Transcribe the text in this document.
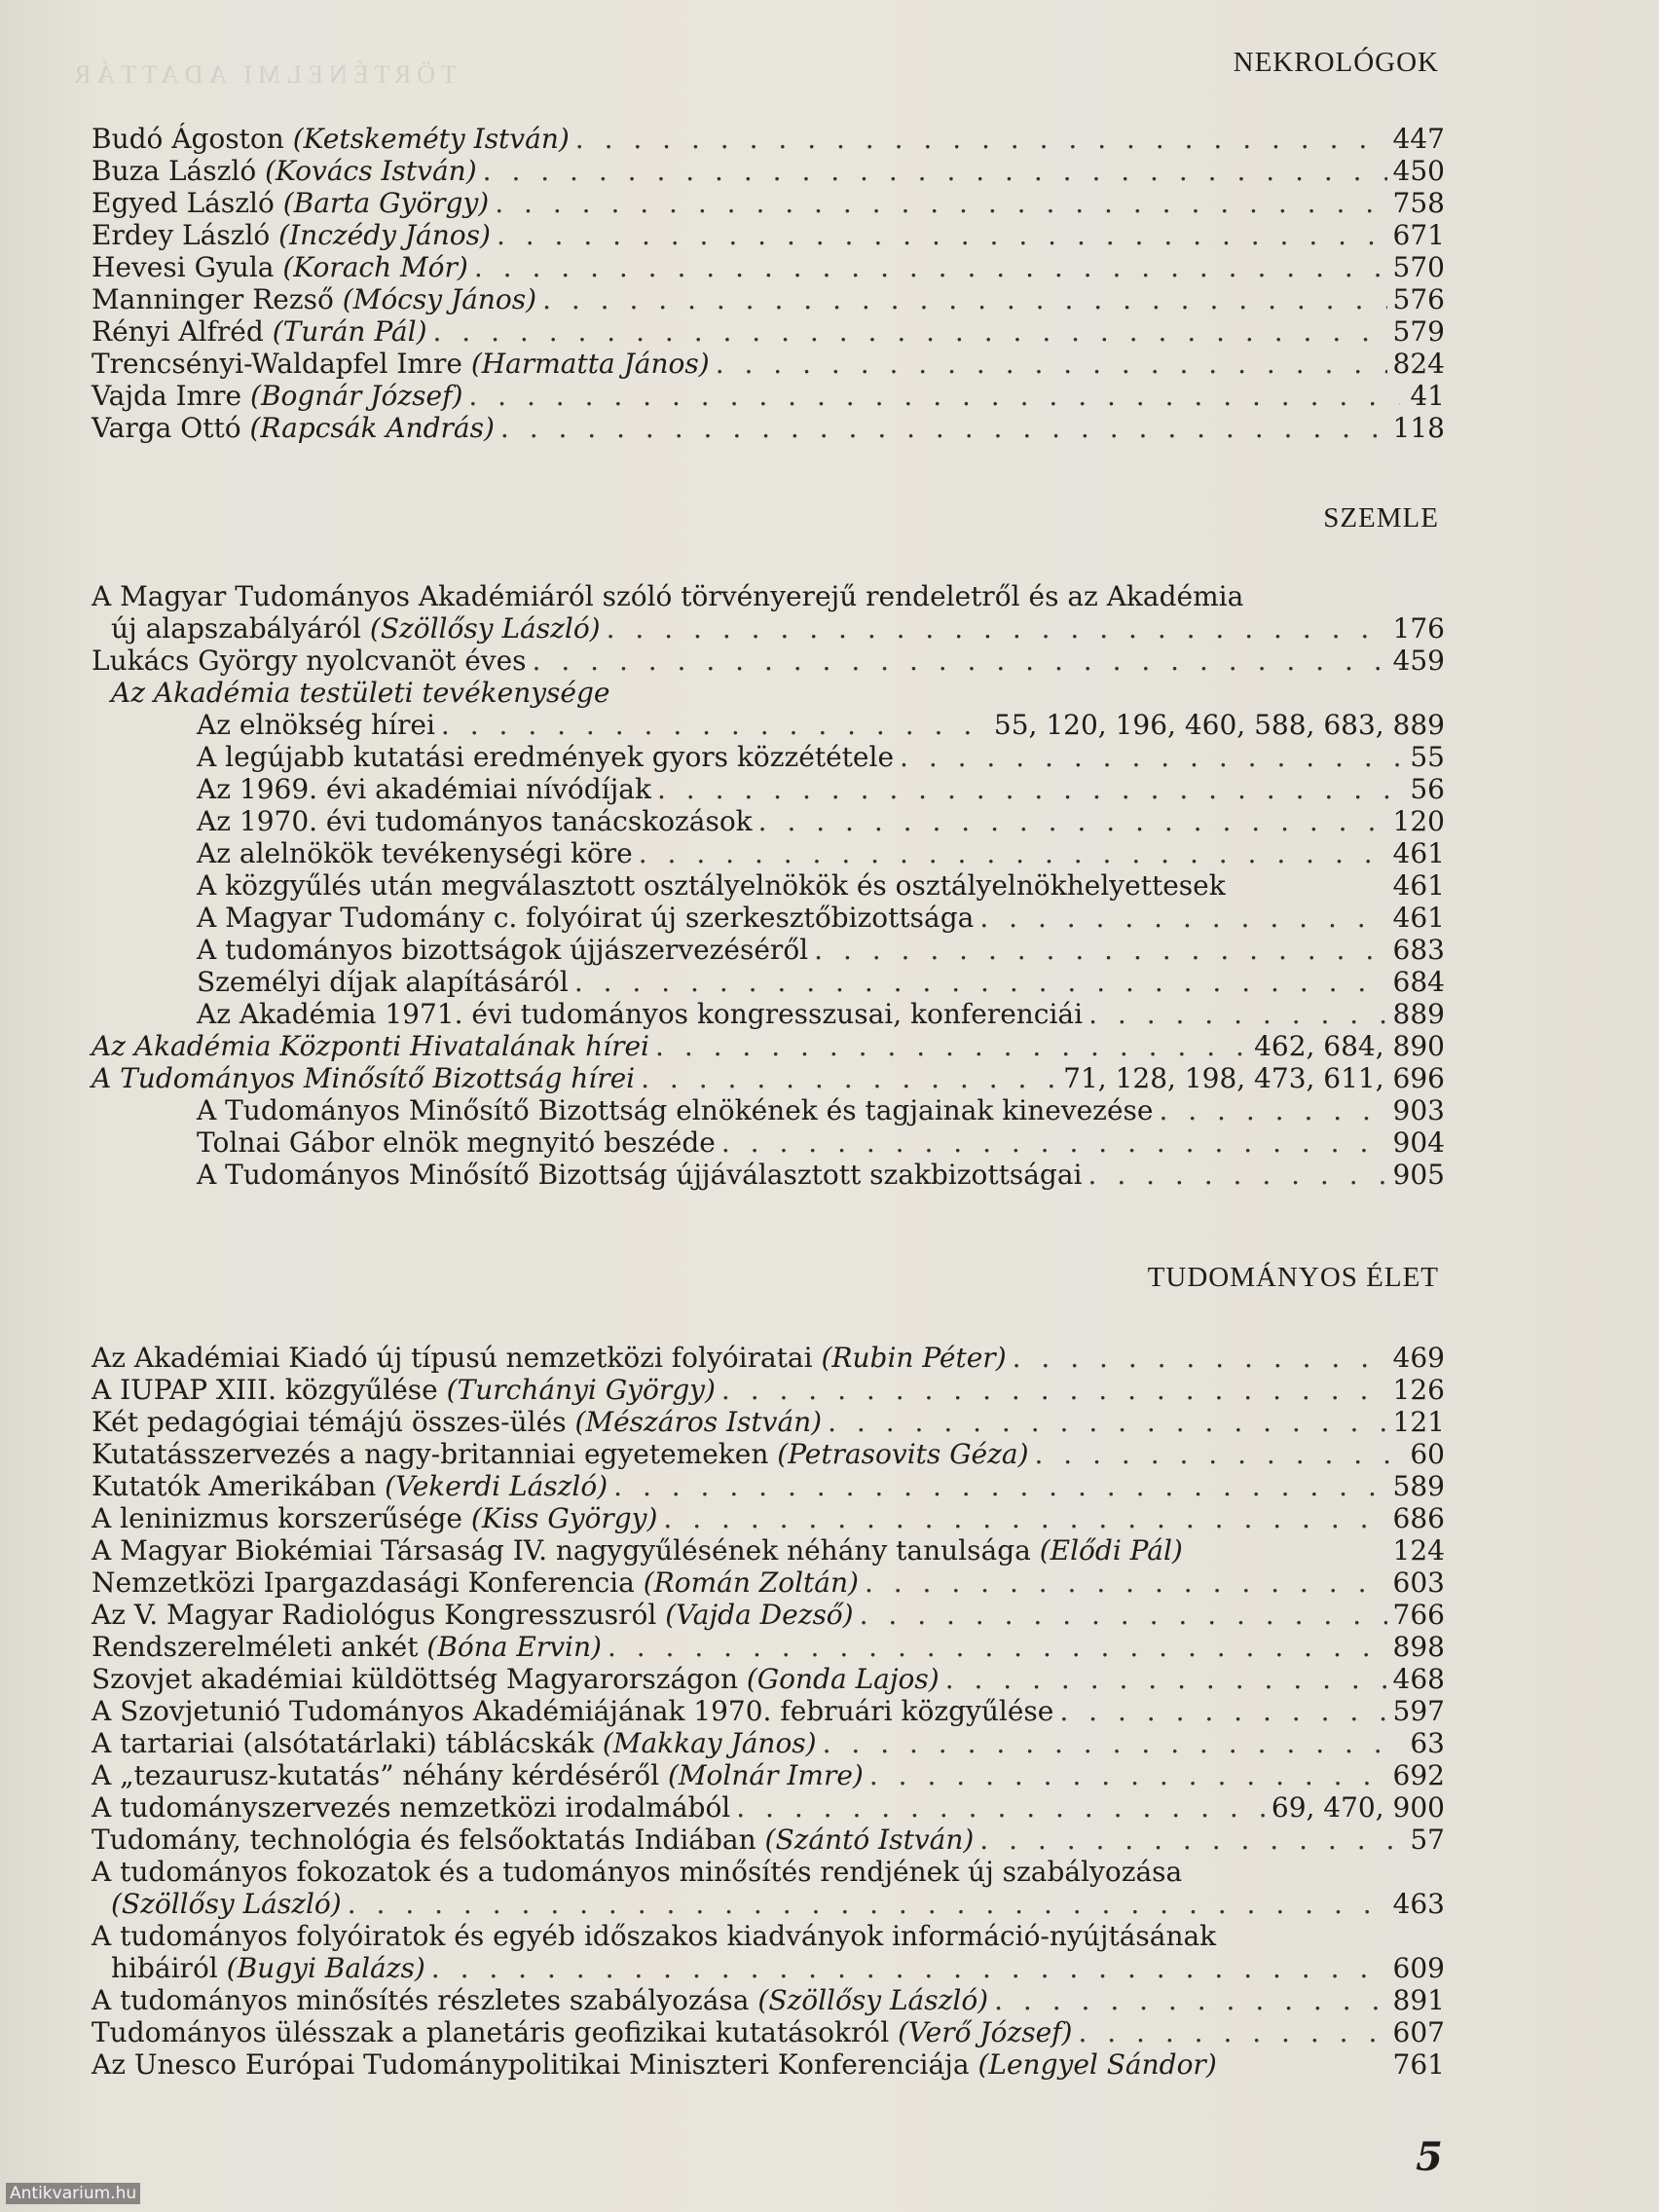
TÖRTÉNELMI ADATTÁR	NEKROLÓGOK
Budó Ágoston (Ketskeméty István) . . .	447
Buza László (Kovács István) . . .	450
Egyed László (Barta György) . . .	758
Erdey László (Inczédy János) . . .	671
Hevesi Gyula (Korach Mór) . . .	570
Manninger Rezső (Mócsy János) . . .	576
Rényi Alfréd (Turán Pál) . . .	579
Trencsényi-Waldapfel Imre (Harmatta János) . . .	824
Vajda Imre (Bognár József) . . .	41
Varga Ottó (Rapcsák András) . . .	118
SZEMLE
A Magyar Tudományos Akadémiáról szóló törvényerejű rendeletről és az Akadémia
új alapszabályáról (Szöllősy László) . . .	176
Lukács György nyolcvanöt éves . . .	459
Az Akadémia testületi tevékenysége
Az elnökség hírei . . .	55, 120, 196, 460, 588, 683, 889
A legújabb kutatási eredmények gyors közzététele . . .	55
Az 1969. évi akadémiai nívódíjak . . .	56
Az 1970. évi tudományos tanácskozások . . .	120
Az alelnökök tevékenységi köre . . .	461
A közgyűlés után megválasztott osztályelnökök és osztályelnökhelyettesek	461
A Magyar Tudomány c. folyóirat új szerkesztőbizottsága . . .	461
A tudományos bizottságok újjászervezéséről . . .	683
Személyi díjak alapításáról . . .	684
Az Akadémia 1971. évi tudományos kongresszusai, konferenciái . . .	889
Az Akadémia Központi Hivatalának hírei . . .	462, 684, 890
A Tudományos Minősítő Bizottság hírei . . .	71, 128, 198, 473, 611, 696
A Tudományos Minősítő Bizottság elnökének és tagjainak kinevezése . . .	903
Tolnai Gábor elnök megnyitó beszéde . . .	904
A Tudományos Minősítő Bizottság újjáválasztott szakbizottságai . . .	905
TUDOMÁNYOS ÉLET
Az Akadémiai Kiadó új típusú nemzetközi folyóiratai (Rubin Péter) . . .	469
A IUPAP XIII. közgyűlése (Turchányi György) . . .	126
Két pedagógiai témájú összes-ülés (Mészáros István) . . .	121
Kutatásszervezés a nagy-britanniai egyetemeken (Petrasovits Géza) . . .	60
Kutatók Amerikában (Vekerdi László) . . .	589
A leninizmus korszerűsége (Kiss György) . . .	686
A Magyar Biokémiai Társaság IV. nagygyűlésének néhány tanulsága (Elődi Pál)	124
Nemzetközi Ipargazdasági Konferencia (Román Zoltán) . . .	603
Az V. Magyar Radiológus Kongresszusról (Vajda Dezső) . . .	766
Rendszerelméleti ankét (Bóna Ervin) . . .	898
Szovjet akadémiai küldöttség Magyarországon (Gonda Lajos) . . .	468
A Szovjetunió Tudományos Akadémiájának 1970. februári közgyűlése . . .	597
A tartariai (alsótatárlaki) táblácskák (Makkay János) . . .	63
A „tezaurusz-kutatás” néhány kérdéséről (Molnár Imre) . . .	692
A tudományszervezés nemzetközi irodalmából . . .	69, 470, 900
Tudomány, technológia és felsőoktatás Indiában (Szántó István) . . .	57
A tudományos fokozatok és a tudományos minősítés rendjének új szabályozása
(Szöllősy László) . . .	463
A tudományos folyóiratok és egyéb időszakos kiadványok információ-nyújtásának
hibáiról (Bugyi Balázs) . . .	609
A tudományos minősítés részletes szabályozása (Szöllősy László) . . .	891
Tudományos ülésszak a planetáris geofizikai kutatásokról (Verő József) . . .	607
Az Unesco Európai Tudománypolitikai Miniszteri Konferenciája (Lengyel Sándor)	761
5
Antikvarium.hu
